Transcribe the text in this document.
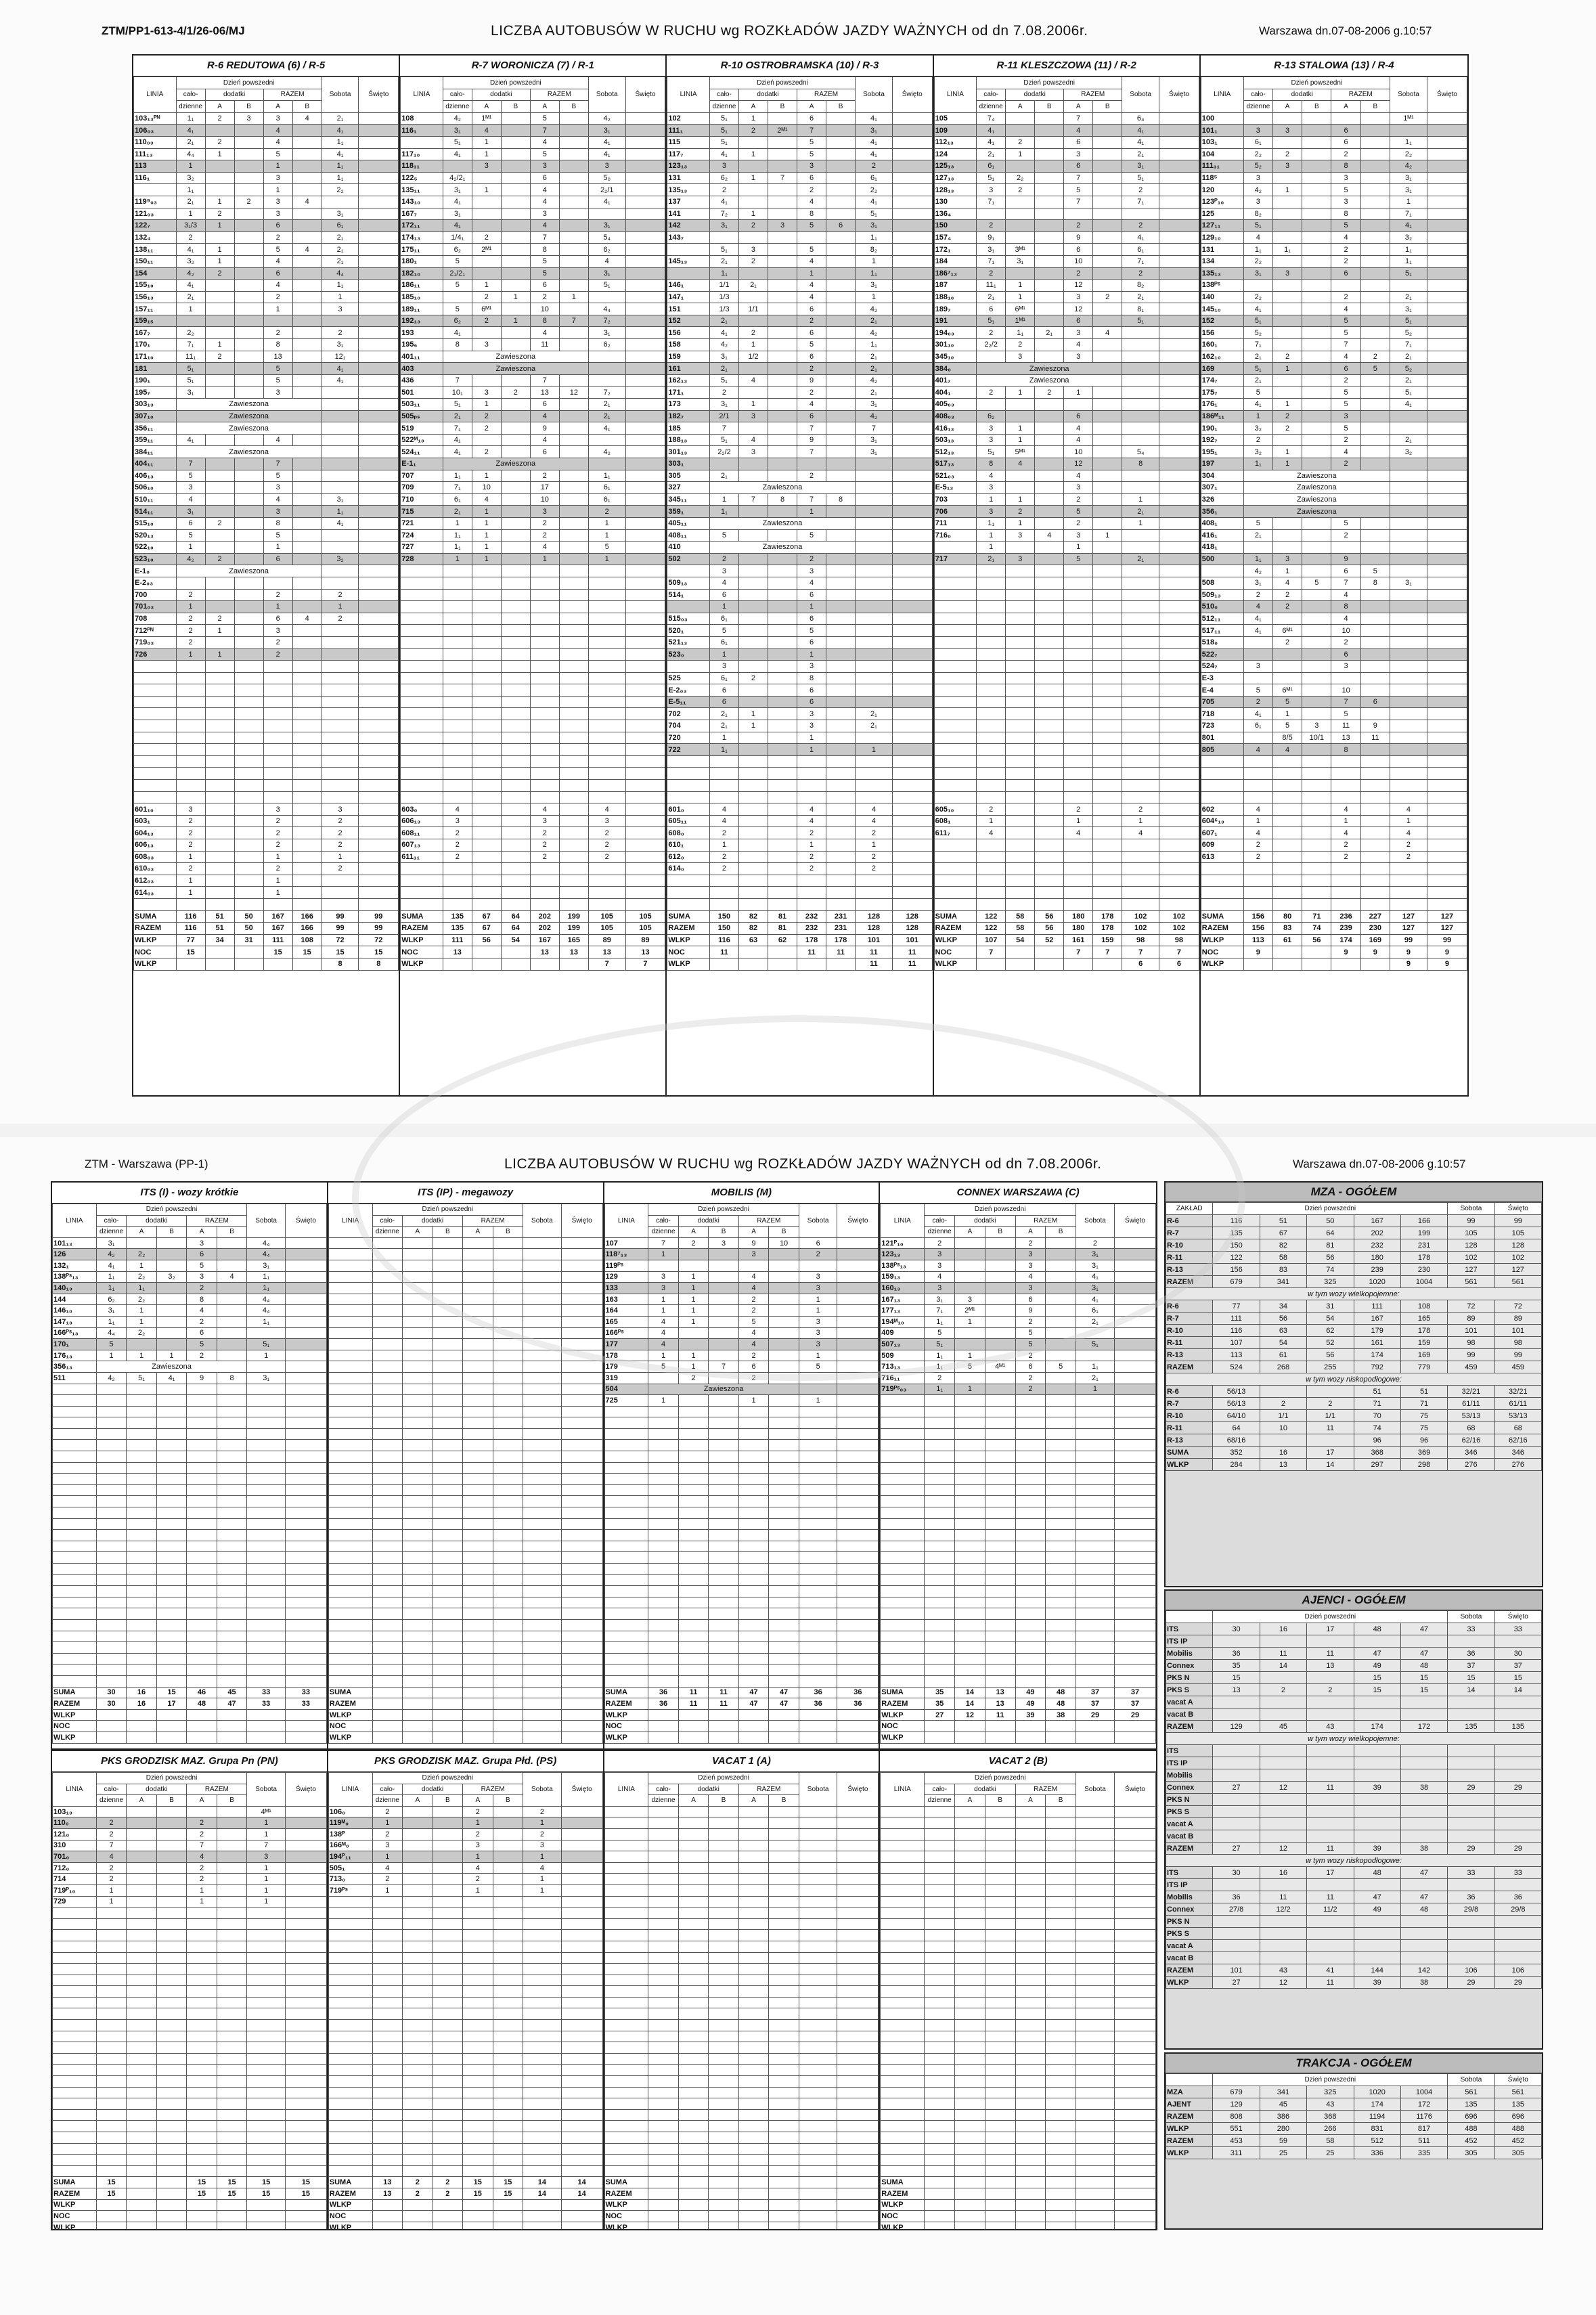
ZTM/PP1-613-4/1/26-06/MJ	LICZBA AUTOBUSÓW W RUCHU wg ROZKŁADÓW JAZDY WAŻNYCH od dn 7.08.2006r.	Warszawa dn.07-08-2006 g.10:57
R-6 REDUTOWA (6) / R-5
LINIA	Dzień powszedni					Sobota	Święto
	cało-	dodatki		RAZEM			
	dzienne	A	B	A	B		
103₁₃ᴾᴺ	1₁	2	3	3	4	2₁	
106₀₃	4₁			4		4₁	
110₀₃	2₁	2		4		1₁	
111₁₃	4₄	1		5		4₁	
113	1			1		1₁	
116₁	3₂			3		1₁	
	1₁			1		2₂	
119⁹₀₃	2₁	1	2	3	4		
121₀₃	1	2		3		3₁	
122₇	3₁/3	1		6		6₁	
132₄	2			2		2₁	
138₁₁	4₁	1		5	4	2₁	
150₁₁	3₂	1		4		2₁	
154	4₂	2		6		4₄	
155₁₀	4₁			4		1₁	
156₁₃	2₁			2		1	
157₁₁	1			1		3	
159₁₅							
167₇	2₂			2		2	
170₁	7₁	1		8		3₁	
171₁₀	11₁	2		13		12₁	
181	5₁			5		4₁	
190₁	5₁			5		4₁	
195₇	3₁			3			
303₁₃	Zawieszona						
307₁₀	Zawieszona						
356₁₁	Zawieszona						
359₁₁	4₁			4			
384₁₁	Zawieszona						
404₁₁	7			7			
406₁₃	5			5			
506₁₀	3			3			
510₁₁	4			4		3₁	
514₁₁	3₁			3		1₁	
515₁₀	6	2		8		4₁	
520₁₃	5			5			
522₁₀	1			1			
523₁₀	4₂	2		6		3₂	
E-1₀	Zawieszona						
E-2₀₃							
700	2			2		2	
701₀₃	1			1		1	
708	2	2		6	4	2	
712ᴾᴺ	2	1		3			
719₀₃	2			2			
726	1	1		2			

601₁₀	3			3		3	
603₁	2			2		2	
604₁₃	2			2		2	
606₁₃	2			2		2	
608₀₃	1			1		1	
610₀₃	2			2		2	
612₀₃	1			1			
614₀₃	1			1			

SUMA	116	51	50	167	166	99	99
RAZEM	116	51	50	167	166	99	99
WLKP	77	34	31	111	108	72	72
NOC	15			15	15	15	15
WLKP						8	8
R-7 WORONICZA (7) / R-1
LINIA	Dzień powszedni					Sobota	Święto
	cało-	dodatki		RAZEM			
	dzienne	A	B	A	B		
108	4₂	1ᴹ¹		5		4₂	
116₁	3₁	4		7		3₁	
	5₁	1		4		4₁	
117₁₀	4₁	1		5		4₁	
118₁₁		3		3		3	
122₅	4₂/2₁			6		5₀	
135₁₁	3₁	1		4		2₂/1	
143₁₀	4₁			4		4₁	
167₇	3₁			3			
172₁₁	4₁			4		3₁	
174₁₃	1/4₁	2		7		5₄	
175₁₁	6₂	2ᴹ¹		8		6₂	
180₁	5			5		4	
182₁₀	2₁/2₁			5		3₁	
186₁₁	5	1		6		5₁	
185₁₀		2	1	2	1		
189₁₁	5	6ᴹ¹		10		4₄	
192₁₃	6₂	2	1	8	7	7₂	
193	4₁			4		3₁	
195₆	8	3		11		6₂	
401₁₁	Zawieszona						
403	Zawieszona						
436	7			7			
501	10₁	3	2	13	12	7₂	
503₁₁	5₁	1		6		2₁	
505ₚₛ	2₁	2		4		2₁	
519	7₁	2		9		4₁	
522ᴹ₁₃	4₁			4			
524₁₁	4₁	2		6		4₂	
E-1₁	Zawieszona						
707	1₁	1		2		1₁	
709	7₁	10		17		6₁	
710	6₁	4		10		6₁	
715	2₁	1		3		2	
721	1	1		2		1	
724	1₁	1		2		1	
727	1₁	1		4		5	
728	1	1		1		1	

603₀	4			4		4	
606₁₃	3			3		3	
608₁₁	2			2		2	
607₁₃	2			2		2	
611₁₁	2			2		2	

SUMA	135	67	64	202	199	105	105
RAZEM	135	67	64	202	199	105	105
WLKP	111	56	54	167	165	89	89
NOC	13			13	13	13	13
WLKP						7	7
R-10 OSTROBRAMSKA (10) / R-3
LINIA	Dzień powszedni					Sobota	Święto
	cało-	dodatki		RAZEM			
	dzienne	A	B	A	B		
102	5₁	1		6		4₁	
111₁	5₁	2	2ᴹ¹	7		3₁	
115	5₁			5		4₁	
117₇	4₁	1		5		4₁	
123₁₃	3			3		2	
131	6₂	1	7	6		6₁	
135₁₃	2			2		2₂	
137	4₁			4		4₁	
141	7₂	1		8		5₁	
142	3₁	2	3	5	6	3₁	
143₇						1₁	
	5₁	3		5		8₂	
145₁₃	2₁	2		4		1	
	1₁			1		1₁	
146₁	1/1	2₁		4		3₁	
147₁	1/3			4		1	
151	1/3	1/1		6		4₂	
152	2₁			2		2₁	
156	4₁	2		6		4₂	
158	4₂	1		5		1₁	
159	3₁	1/2		6		2₁	
161	2₁			2		2₁	
162₁₃	5₁	4		9		4₂	
171₁	2			2		2₁	
173	3₁	1		4		3₁	
182₇	2/1	3		6		4₂	
185	7			7		7	
188₁₃	5₁	4		9		3₁	
301₁₃	2₂/2	3		7		3₁	
303₁							
305	2₁			2			
327	Zawieszona						
345₁₁	1	7	8	7	8		
359₁	1₁			1			
405₁₁	Zawieszona						
408₁₁	5			5			
410	Zawieszona						
502	2			2			
	3			3			
509₁₃	4			4			
514₁	6			6			
	1			1			
515₀₃	6₁			6			
520₁	5			5			
521₁₃	6₁			6			
523₀	1			1			
	3			3			
525	6₁	2		8			
E-2₀₃	6			6			
E-5₁₁	6			6			
702	2₁	1		3		2₁	
704	2₁	1		3		2₁	
720	1			1			
722	1₁			1		1	

601₀	4			4		4	
605₁₁	4			4		4	
608₀	2			2		2	
610₁	1			1		1	
612₀	2			2		2	
614₀	2			2		2	

SUMA	150	82	81	232	231	128	128
RAZEM	150	82	81	232	231	128	128
WLKP	116	63	62	178	178	101	101
NOC	11			11	11	11	11
WLKP						11	11
R-11 KLESZCZOWA (11) / R-2
LINIA	Dzień powszedni					Sobota	Święto
	cało-	dodatki		RAZEM			
	dzienne	A	B	A	B		
105	7₄			7		6₄	
109	4₁			4		4₁	
112₁₃	4₁	2		6		4₁	
124	2₁	1		3		2₁	
125₁₃	6₁			6		3₁	
127₁₃	5₁	2₂		7		5₁	
128₁₃	3	2		5		2	
130	7₁			7		7₁	
136₄							
150	2			2		2	
157₄	9₁			9		4₁	
172₁	3₁	3ᴹ¹		6		6₁	
184	7₁	3₁		10		7₁	
186⁷₁₃	2			2		2	
187	11₁	1		12		8₂	
188₁₀	2₁	1		3	2	2₁	
189₇	6	6ᴹ¹		12		8₁	
191	5₁	1ᴹ¹		6		5₁	
194₀₃	2	1₁	2₁	3	4		
301₁₀	2₂/2	2		4			
345₁₀		3		3			
384₀	Zawieszona						
401₇	Zawieszona						
404₁	2	1	2	1			
405₀₃							
408₀₃	6₂			6			
416₁₃	3	1		4			
503₁₃	3	1		4			
512₁₃	5₁	5ᴹ¹		10		5₄	
517₁₃	8	4		12		8	
521₀₃	4			4			
E-5₁₃	3			3			
703	1	1		2		1	
706	3	2		5		2₁	
711	1₁	1		2		1	
716₀	1	3	4	3	1		
	1			1			
717	2₁	3		5		2₁	

605₁₀	2			2		2	
608₁	1			1		1	
611₇	4			4		4	

SUMA	122	58	56	180	178	102	102
RAZEM	122	58	56	180	178	102	102
WLKP	107	54	52	161	159	98	98
NOC	7			7	7	7	7
WLKP						6	6
R-13 STALOWA (13) / R-4
LINIA	Dzień powszedni					Sobota	Święto
	cało-	dodatki		RAZEM			
	dzienne	A	B	A	B		
100						1ᴹ¹	
101₁	3	3		6			
103₁	6₁			6		1₁	
104	2₂	2		2		2₂	
111₁₁	5₂	3		8		4₂	
118⁵	3			3		3₁	
120	4₂	1		5		3₁	
123ᴾ₁₀	3			3		1	
125	8₂			8		7₁	
127₁₁	5₁			5		4₁	
129₁₀	4			4		3₂	
131	1₁	1₁		2		1₁	
134	2₂			2		1₁	
135₁₃	3₁	3		6		5₁	
138ᴾˢ							
140	2₂			2		2₁	
145₁₀	4₁			4		3₁	
152	5₁			5		5₁	
156	5₂			5		5₂	
160₁	7₁			7		7₁	
162₁₀	2₁	2		4	2	2₁	
169	5₁	1		6	5	5₂	
174₇	2₁			2		2₁	
175₇	5			5		5₁	
176₁	4₁	1		5		4₁	
186ᴹ₁₁	1	2		3			
190₁	3₂	2		5			
192₇	2			2		2₁	
195₁	3₂	1		4		3₂	
197	1₁	1		2			
304	Zawieszona						
307₁	Zawieszona						
326	Zawieszona						
356₁	Zawieszona						
408₁	5			5			
416₁	2₁			2			
418₁							
500	1₁	3		9			
	4₂	1		6	5		
508	3₁	4	5	7	8	3₁	
509₁₃	2	2		4			
510₀	4	2		8			
512₁₁	4₁			4			
517₁₁	4₁	6ᴹ¹		10			
518₀		2		2			
522₇				6			
524₇	3			3			
E-3							
E-4	5	6ᴹ¹		10			
705	2	5		7	6		
718	4₁	1		5			
723	6₁	5	3	11	9		
801		8/5	10/1	13	11		
805	4	4		8			

602	4			4		4	
604⁶₁₃	1			1		1	
607₁	4			4		4	
609	2			2		2	
613	2			2		2	

SUMA	156	80	71	236	227	127	127
RAZEM	156	83	74	239	230	127	127
WLKP	113	61	56	174	169	99	99
NOC	9			9	9	9	9
WLKP						9	9
ZTM - Warszawa (PP-1)	LICZBA AUTOBUSÓW W RUCHU wg ROZKŁADÓW JAZDY WAŻNYCH od dn 7.08.2006r.	Warszawa dn.07-08-2006 g.10:57
ITS (I) - wozy krótkie
LINIA	Dzień powszedni					Sobota	Święto
	cało-	dodatki		RAZEM			
	dzienne	A	B	A	B		
101₁₃	3₁			3		4₄	
126	4₂	2₂		6		4₄	
132₁	4₁	1		5		3₁	
138ᴾˢ₁₃	1₁	2₂	3₂	3	4	1₁	
140₁₃	1₁	1₁		2		1₁	
144	6₂	2₂		8		4₄	
146₁₀	3₁	1		4		4₄	
147₁₃	1₁	1		2		1₁	
166ᴾˢ₁₃	4₄	2₂		6			
170₁	5			5		5₁	
176₁₃	1	1	1	2		1	
356₁₃	Zawieszona						
511	4₂	5₁	4₁	9	8	3₁	

SUMA	30	16	15	46	45	33	33
RAZEM	30	16	17	48	47	33	33
WLKP							
NOC							
WLKP							
ITS (IP) - megawozy
LINIA	Dzień powszedni					Sobota	Święto
	cało-	dodatki		RAZEM			
	dzienne	A	B	A	B		

SUMA							
RAZEM							
WLKP							
NOC							
WLKP							
MOBILIS (M)
LINIA	Dzień powszedni					Sobota	Święto
	cało-	dodatki		RAZEM			
	dzienne	A	B	A	B		
107	7	2	3	9	10	6	
118⁷₁₃	1			3		2	
119ᴾˢ							
129	3	1		4		3	
133	3	1		4		3	
163	1	1		2		1	
164	1	1		2		1	
165	4	1		5		3	
166ᴾˢ	4			4		3	
177	4			4		3	
178	1	1		2		1	
179	5	1	7	6		5	
319		2		2			
504	Zawieszona						
725	1			1		1	

SUMA	36	11	11	47	47	36	36
RAZEM	36	11	11	47	47	36	36
WLKP							
NOC							
WLKP							
CONNEX WARSZAWA (C)
LINIA	Dzień powszedni					Sobota	Święto
	cało-	dodatki		RAZEM			
	dzienne	A	B	A	B		
121ᴾ₁₀	2			2		2	
123₁₃	3			3		3₁	
138ᴾˢ₁₃	3			3		3₁	
159₁₃	4			4		4₁	
160₁₃	3			3		3₁	
167₁₃	3₁	3		6		4₁	
177₁₃	7₁	2ᴹ¹		9		6₁	
194ᴹ₁₀	1₁	1		2		2₁	
409	5			5			
507₁₃	5₁			5		5₁	
509	1₁	1		2			
713₁₃	1₁	5	4ᴹ¹	6	5	1₁	
716₁₁	2			2		2₁	
719ᴾˢ₀₃	1₁	1		2		1	

SUMA	35	14	13	49	48	37	37
RAZEM	35	14	13	49	48	37	37
WLKP	27	12	11	39	38	29	29
NOC							
WLKP							
PKS GRODZISK MAZ. Grupa Pn (PN)
LINIA	Dzień powszedni					Sobota	Święto
	cało-	dodatki		RAZEM			
	dzienne	A	B	A	B		
103₁₃						4ᴹ¹	
110₀	2			2		1	
121₀	2			2		1	
310	7			7		7	
701₀	4			4		3	
712₀	2			2		1	
714	2			2		1	
719ᴾ₁₀	1			1		1	
729	1			1		1	

SUMA	15			15	15	15	15
RAZEM	15			15	15	15	15
WLKP							
NOC							
WLKP							
PKS GRODZISK MAZ. Grupa Płd. (PS)
LINIA	Dzień powszedni					Sobota	Święto
	cało-	dodatki		RAZEM			
	dzienne	A	B	A	B		
106₀	2			2		2	
119ᴹ₀	1			1		1	
138ᴾ	2			2		2	
166ᴹ₀	3			3		3	
194ᴾ₁₁	1			1		1	
505₁	4			4		4	
713₀	2			2		1	
719ᴾˢ	1			1		1	

SUMA	13	2	2	15	15	14	14
RAZEM	13	2	2	15	15	14	14
WLKP							
NOC							
WLKP							
VACAT 1 (A)
LINIA	Dzień powszedni					Sobota	Święto
	cało-	dodatki		RAZEM			
	dzienne	A	B	A	B		

SUMA							
RAZEM							
WLKP							
NOC							
WLKP							
VACAT 2 (B)
LINIA	Dzień powszedni					Sobota	Święto
	cało-	dodatki		RAZEM			
	dzienne	A	B	A	B		

SUMA							
RAZEM							
WLKP							
NOC							
WLKP							
MZA - OGÓŁEM
ZAKŁAD	Dzień powszedni					Sobota	Święto
R-6	116	51	50	167	166	99	99
R-7	135	67	64	202	199	105	105
R-10	150	82	81	232	231	128	128
R-11	122	58	56	180	178	102	102
R-13	156	83	74	239	230	127	127
RAZEM	679	341	325	1020	1004	561	561
w tym wozy wielkopojemne:							
R-6	77	34	31	111	108	72	72
R-7	111	56	54	167	165	89	89
R-10	116	63	62	179	178	101	101
R-11	107	54	52	161	159	98	98
R-13	113	61	56	174	169	99	99
RAZEM	524	268	255	792	779	459	459
w tym wozy niskopodłogowe:							
R-6	56/13			51	51	32/21	32/21
R-7	56/13	2	2	71	71	61/11	61/11
R-10	64/10	1/1	1/1	70	75	53/13	53/13
R-11	64	10	11	74	75	68	68
R-13	68/16			96	96	62/16	62/16
SUMA	352	16	17	368	369	346	346
WLKP	284	13	14	297	298	276	276
AJENCI - OGÓŁEM
	Dzień powszedni					Sobota	Święto
ITS	30	16	17	48	47	33	33
ITS IP							
Mobilis	36	11	11	47	47	36	30
Connex	35	14	13	49	48	37	37
PKS N	15			15	15	15	15
PKS S	13	2	2	15	15	14	14
vacat A							
vacat B							
RAZEM	129	45	43	174	172	135	135
w tym wozy wielkopojemne:							
ITS							
ITS IP							
Mobilis							
Connex	27	12	11	39	38	29	29
PKS N							
PKS S							
vacat A							
vacat B							
RAZEM	27	12	11	39	38	29	29
w tym wozy niskopodłogowe:							
ITS	30	16	17	48	47	33	33
ITS IP							
Mobilis	36	11	11	47	47	36	36
Connex	27/8	12/2	11/2	49	48	29/8	29/8
PKS N							
PKS S							
vacat A							
vacat B							
RAZEM	101	43	41	144	142	106	106
WLKP	27	12	11	39	38	29	29
TRAKCJA - OGÓŁEM
	Dzień powszedni					Sobota	Święto
MZA	679	341	325	1020	1004	561	561
AJENT	129	45	43	174	172	135	135
RAZEM	808	386	368	1194	1176	696	696
WLKP	551	280	266	831	817	488	488
RAZEM	453	59	58	512	511	452	452
WLKP	311	25	25	336	335	305	305
